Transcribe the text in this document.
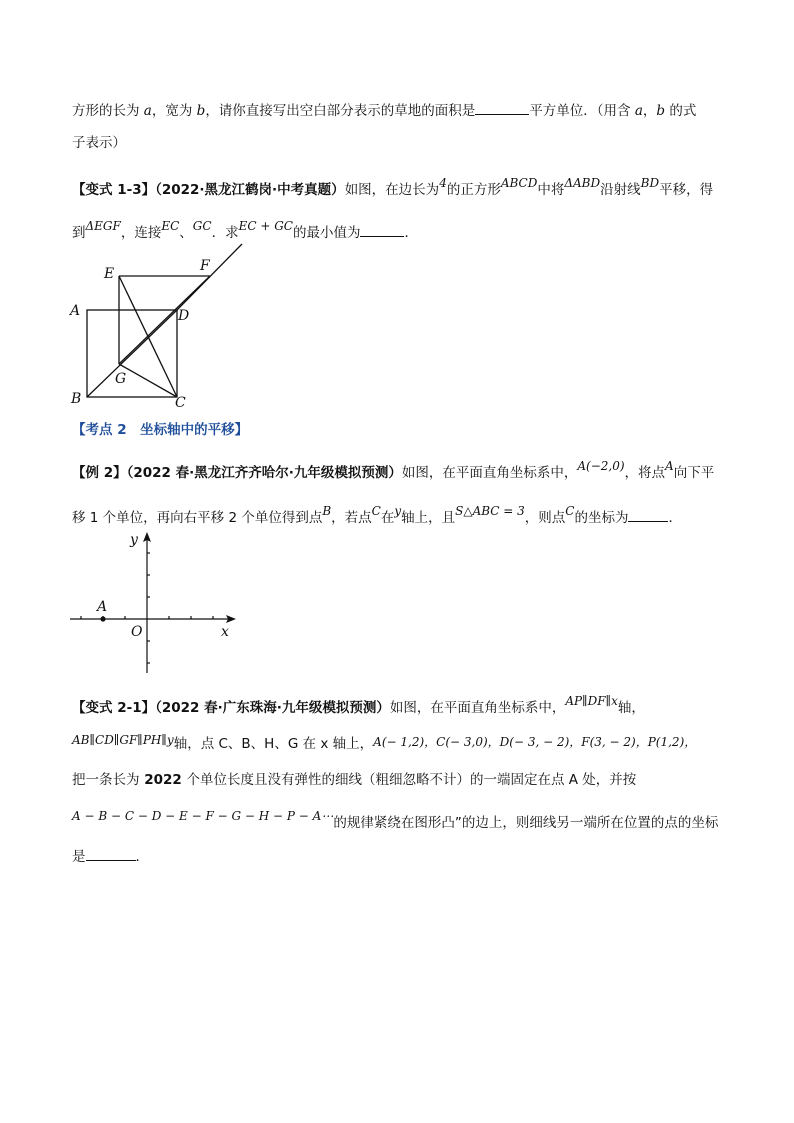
方形的长为 a，宽为 b，请你直接写出空白部分表示的草地的面积是	平方单位．（用含 a，b 的式
子表示）
【变式 1-3】（2022·黑龙江鹤岗·中考真题）如图，在边长为4的正方形ABCD中将ΔABD沿射线BD平移，得
到ΔEGF，连接EC、GC．求EC + GC的最小值为	．
E	F
A	D
G
B	C
【考点 2　坐标轴中的平移】
【例 2】（2022 春·黑龙江齐齐哈尔·九年级模拟预测）如图，在平面直角坐标系中，A(−2,0)，将点A向下平
移 1 个单位，再向右平移 2 个单位得到点B，若点C在y轴上，且S△ABC = 3，则点C的坐标为	．
A
y
x
O
【变式 2-1】（2022 春·广东珠海·九年级模拟预测）如图，在平面直角坐标系中，AP∥DF∥x轴，
AB∥CD∥GF∥PH∥y轴，点 C、B、H、G 在 x 轴上，A(− 1,2)，C(− 3,0)，D(− 3, − 2)，F(3, − 2)，P(1,2)，
把一条长为 2022 个单位长度且没有弹性的细线（粗细忽略不计）的一端固定在点 A 处，并按
A − B − C − D − E − F − G − H − P − A⋯的规律紧绕在图形凸”的边上，则细线另一端所在位置的点的坐标
是	．
